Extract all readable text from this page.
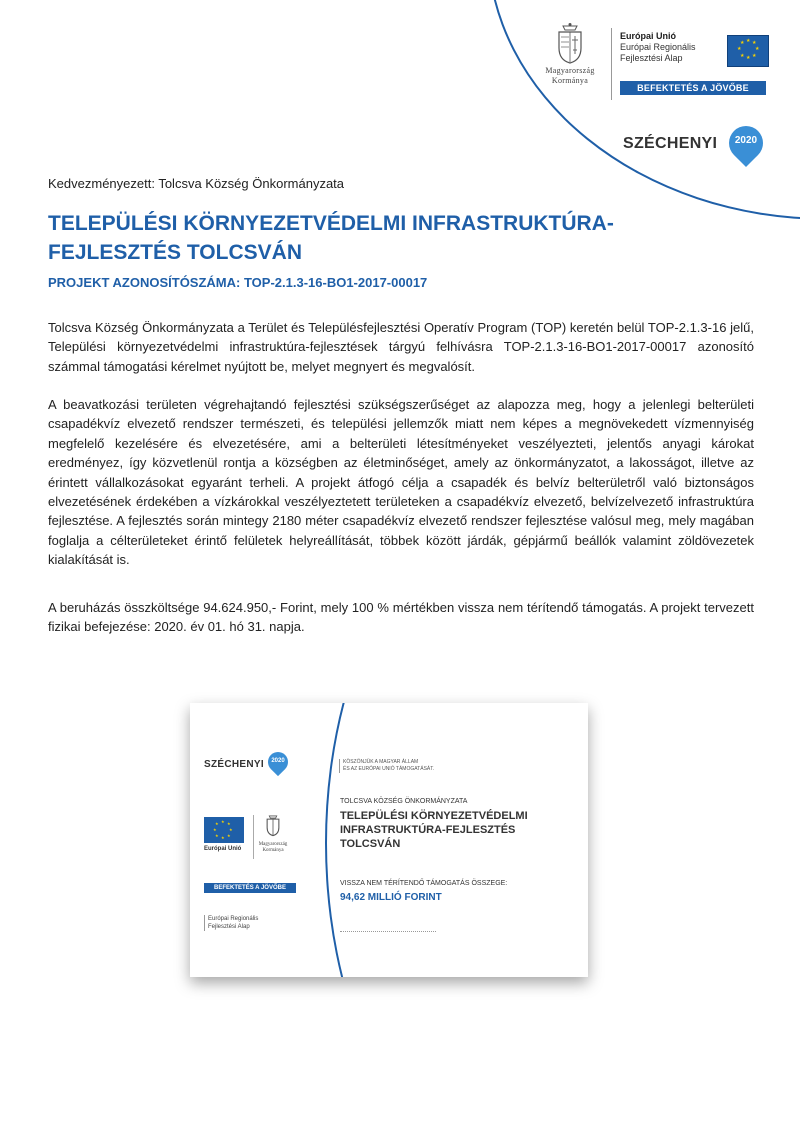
Magyarország
Kormánya
Európai Unió
Európai Regionális
Fejlesztési Alap
★ ★
★
★
★
★
★
★
BEFEKTETÉS A JÖVŐBE
SZÉCHENYI	2020
Kedvezményezett: Tolcsva Község Önkormányzata
TELEPÜLÉSI KÖRNYEZETVÉDELMI INFRASTRUKTÚRA-FEJLESZTÉS TOLCSVÁN
PROJEKT AZONOSÍTÓSZÁMA: TOP-2.1.3-16-BO1-2017-00017

Tolcsva Község Önkormányzata a Terület és Településfejlesztési Operatív Program (TOP) keretén belül TOP-2.1.3-16 jelű, Települési környezetvédelmi infrastruktúra-fejlesztések tárgyú felhívásra TOP-2.1.3-16-BO1-2017-00017 azonosító számmal támogatási kérelmet nyújtott be, melyet megnyert és megvalósít.

A beavatkozási területen végrehajtandó fejlesztési szükségszerűséget az alapozza meg, hogy a jelenlegi belterületi csapadékvíz elvezető rendszer természeti, és települési jellemzők miatt nem képes a megnövekedett vízmennyiség megfelelő kezelésére és elvezetésére, ami a belterületi létesítményeket veszélyezteti, jelentős anyagi károkat eredményez, így közvetlenül rontja a községben az életminőséget, amely az önkormányzatot, a lakosságot, illetve az érintett vállalkozásokat egyaránt terheli. A projekt átfogó célja a csapadék és belvíz belterületről való biztonságos elvezetésének érdekében a vízkárokkal veszélyeztetett területeken a csapadékvíz elvezető, belvízelvezető infrastruktúra fejlesztése. A fejlesztés során mintegy 2180 méter csapadékvíz elvezető rendszer fejlesztése valósul meg, mely magában foglalja a célterületeket érintő felületek helyreállítását, többek között járdák, gépjármű beállók valamint zöldövezetek kialakítását is.

A beruházás összköltsége 94.624.950,- Forint, mely 100 % mértékben vissza nem térítendő támogatás. A projekt tervezett fizikai befejezése: 2020. év 01. hó 31. napja.

SZÉCHENYI	2020
★ ★
★
★
★
★
★
★
Európai Unió
Magyarország
Kormánya
BEFEKTETÉS A JÖVŐBE
Európai Regionális
Fejlesztési Alap
KÖSZÖNJÜK A MAGYAR ÁLLAM
ÉS AZ EURÓPAI UNIÓ TÁMOGATÁSÁT.
TOLCSVA KÖZSÉG ÖNKORMÁNYZATA
TELEPÜLÉSI KÖRNYEZETVÉDELMI
INFRASTRUKTÚRA-FEJLESZTÉS
TOLCSVÁN
VISSZA NEM TÉRÍTENDŐ TÁMOGATÁS ÖSSZEGE:
94,62 MILLIÓ FORINT
